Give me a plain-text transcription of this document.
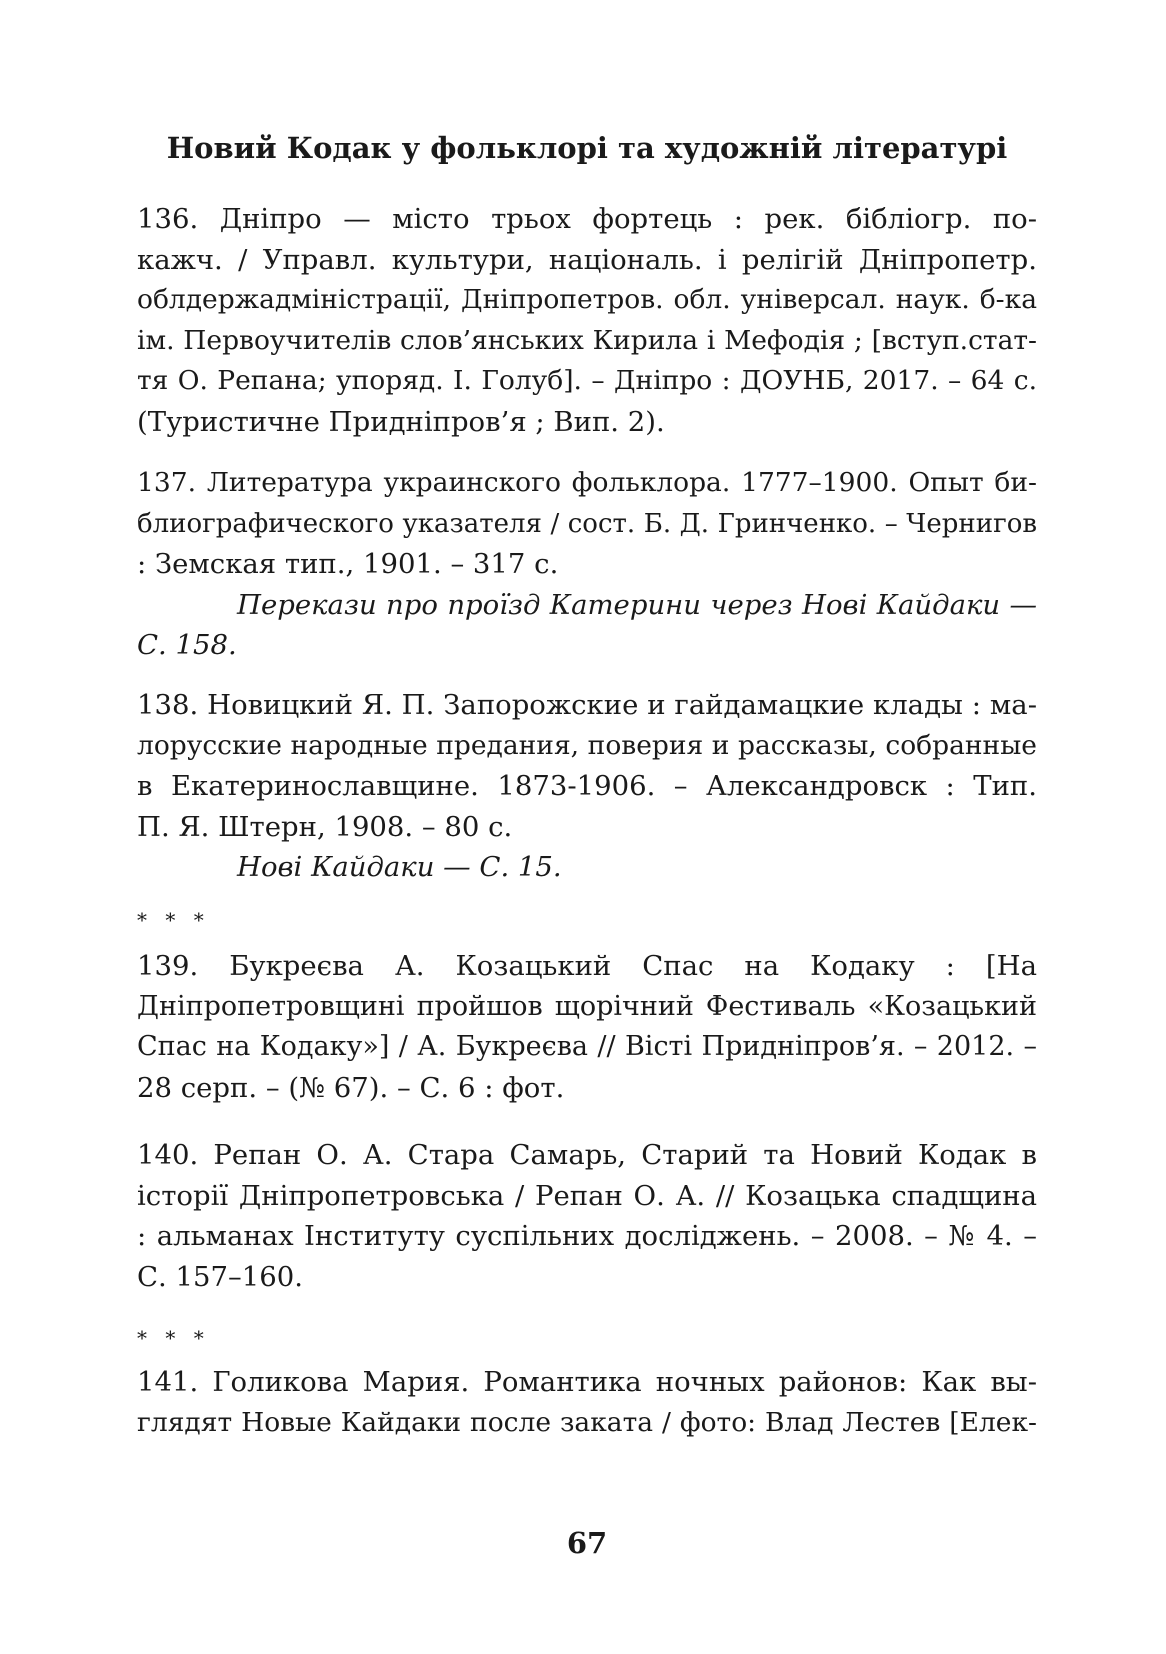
Новий Кодак у фольклорі та художній літературі
136. Дніпро — місто трьох фортець : рек. бібліогр. по-
кажч. / Управл. культури, національ. і релігій Дніпропетр.
облдержадміністрації, Дніпропетров. обл. універсал. наук. б-ка
ім. Первоучителів слов’янських Кирила і Мефодія ; [вступ.стат-
тя О. Репана; упоряд. І. Голуб]. – Дніпро : ДОУНБ, 2017. – 64 с.
(Туристичне Придніпров’я ; Вип. 2).
137. Литература украинского фольклора. 1777–1900. Опыт би-
блиографического указателя / сост. Б. Д. Гринченко. – Чернигов
: Земская тип., 1901. – 317 с.
Перекази про проїзд Катерини через Нові Кайдаки —
С. 158.
138. Новицкий Я. П. Запорожские и гайдамацкие клады : ма-
лорусские народные предания, поверия и рассказы, собранные
в Екатеринославщине. 1873-1906. – Александровск : Тип.
П. Я. Штерн, 1908. – 80 с.
Нові Кайдаки — С. 15.
* * *
139. Букреєва А. Козацький Спас на Кодаку : [На
Дніпропетровщині пройшов щорічний Фестиваль «Козацький
Спас на Кодаку»] / А. Букреєва // Вісті Придніпров’я. – 2012. –
28 серп. – (№ 67). – С. 6 : фот.
140. Репан О. А. Стара Самарь, Старий та Новий Кодак в
історії Дніпропетровська / Репан О. А. // Козацька спадщина
: альманах Інституту суспільних досліджень. – 2008. – № 4. –
С. 157–160.
* * *
141. Голикова Мария. Романтика ночных районов: Как вы-
глядят Новые Кайдаки после заката / фото: Влад Лестев [Елек-
67
